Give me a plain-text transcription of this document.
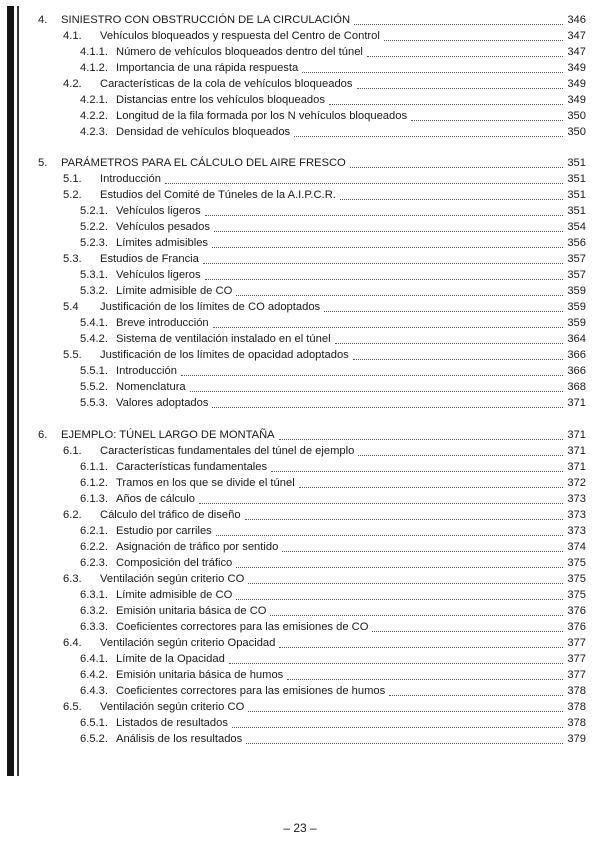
4.	SINIESTRO CON OBSTRUCCIÓN DE LA CIRCULACIÓN	346
4.1.	Vehículos bloqueados y respuesta del Centro de Control	347
4.1.1. Número de vehículos bloqueados dentro del túnel	347
4.1.2. Importancia de una rápida respuesta	349
4.2.	Características de la cola de vehículos bloqueados	349
4.2.1. Distancias entre los vehículos bloqueados	349
4.2.2. Longitud de la fila formada por los N vehículos bloqueados	350
4.2.3. Densidad de vehículos bloqueados	350
5.	PARÁMETROS PARA EL CÁLCULO DEL AIRE FRESCO	351
5.1.	Introducción	351
5.2.	Estudios del Comité de Túneles de la A.I.P.C.R.	351
5.2.1. Vehículos ligeros	351
5.2.2. Vehículos pesados	354
5.2.3. Límites admisibles	356
5.3.	Estudios de Francia	357
5.3.1. Vehículos ligeros	357
5.3.2. Límite admisible de CO	359
5.4	Justificación de los límites de CO adoptados	359
5.4.1. Breve introducción	359
5.4.2. Sistema de ventilación instalado en el túnel	364
5.5.	Justificación de los límites de opacidad adoptados	366
5.5.1. Introducción	366
5.5.2. Nomenclatura	368
5.5.3. Valores adoptados	371
6.	EJEMPLO: TÚNEL LARGO DE MONTAÑA	371
6.1.	Características fundamentales del túnel de ejemplo	371
6.1.1. Características fundamentales	371
6.1.2. Tramos en los que se divide el túnel	372
6.1.3. Años de cálculo	373
6.2.	Cálculo del tráfico de diseño	373
6.2.1. Estudio por carriles	373
6.2.2. Asignación de tráfico por sentido	374
6.2.3. Composición del tráfico	375
6.3.	Ventilación según criterio CO	375
6.3.1. Límite admisible de CO	375
6.3.2. Emisión unitaria básica de CO	376
6.3.3. Coeficientes correctores para las emisiones de CO	376
6.4.	Ventilación según criterio Opacidad	377
6.4.1. Límite de la Opacidad	377
6.4.2. Emisión unitaria básica de humos	377
6.4.3. Coeficientes correctores para las emisiones de humos	378
6.5.	Ventilación según criterio CO	378
6.5.1. Listados de resultados	378
6.5.2. Análisis de los resultados	379
– 23 –
